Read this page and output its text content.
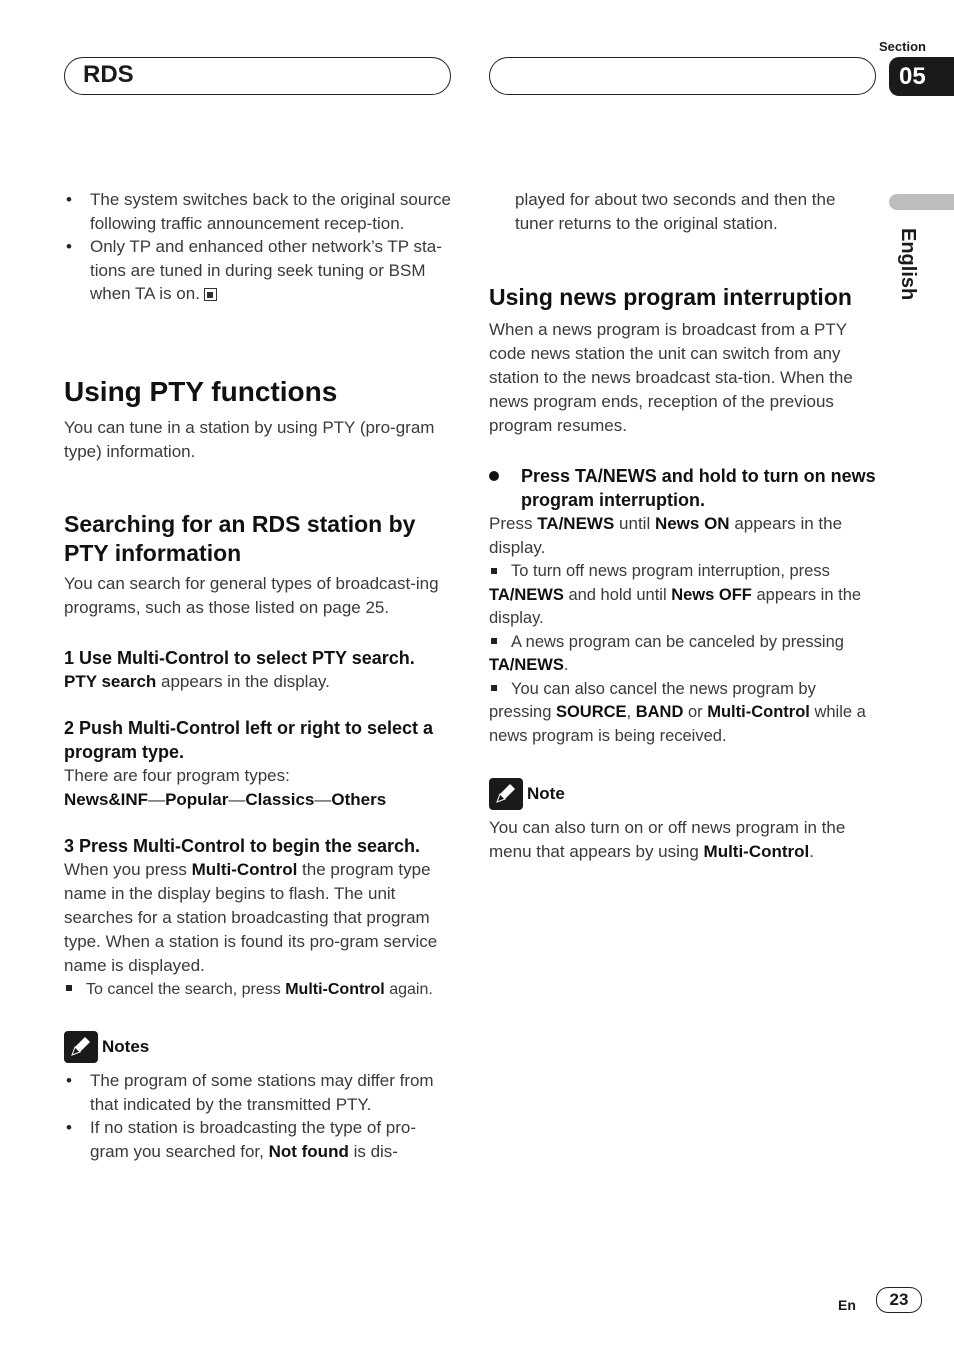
RDS
Section
05
English
• The system switches back to the original source following traffic announcement recep-tion.
• Only TP and enhanced other network’s TP sta-tions are tuned in during seek tuning or BSM when TA is on.
Using PTY functions
You can tune in a station by using PTY (pro-gram type) information.
Searching for an RDS station by PTY information
You can search for general types of broadcast-ing programs, such as those listed on page 25.
1 Use Multi-Control to select PTY search.
PTY search appears in the display.
2 Push Multi-Control left or right to select a program type.
There are four program types:
News&INF—Popular—Classics—Others
3 Press Multi-Control to begin the search.
When you press Multi-Control the program type name in the display begins to flash. The unit searches for a station broadcasting that program type. When a station is found its pro-gram service name is displayed.
To cancel the search, press Multi-Control again.
Notes
• The program of some stations may differ from that indicated by the transmitted PTY.
• If no station is broadcasting the type of pro-gram you searched for, Not found is dis-
played for about two seconds and then the tuner returns to the original station.
Using news program interruption
When a news program is broadcast from a PTY code news station the unit can switch from any station to the news broadcast sta-tion. When the news program ends, reception of the previous program resumes.
Press TA/NEWS and hold to turn on news program interruption.
Press TA/NEWS until News ON appears in the display.
To turn off news program interruption, press TA/NEWS and hold until News OFF appears in the display.
A news program can be canceled by pressing TA/NEWS.
You can also cancel the news program by pressing SOURCE, BAND or Multi-Control while a news program is being received.
Note
You can also turn on or off news program in the menu that appears by using Multi-Control.
En	23
